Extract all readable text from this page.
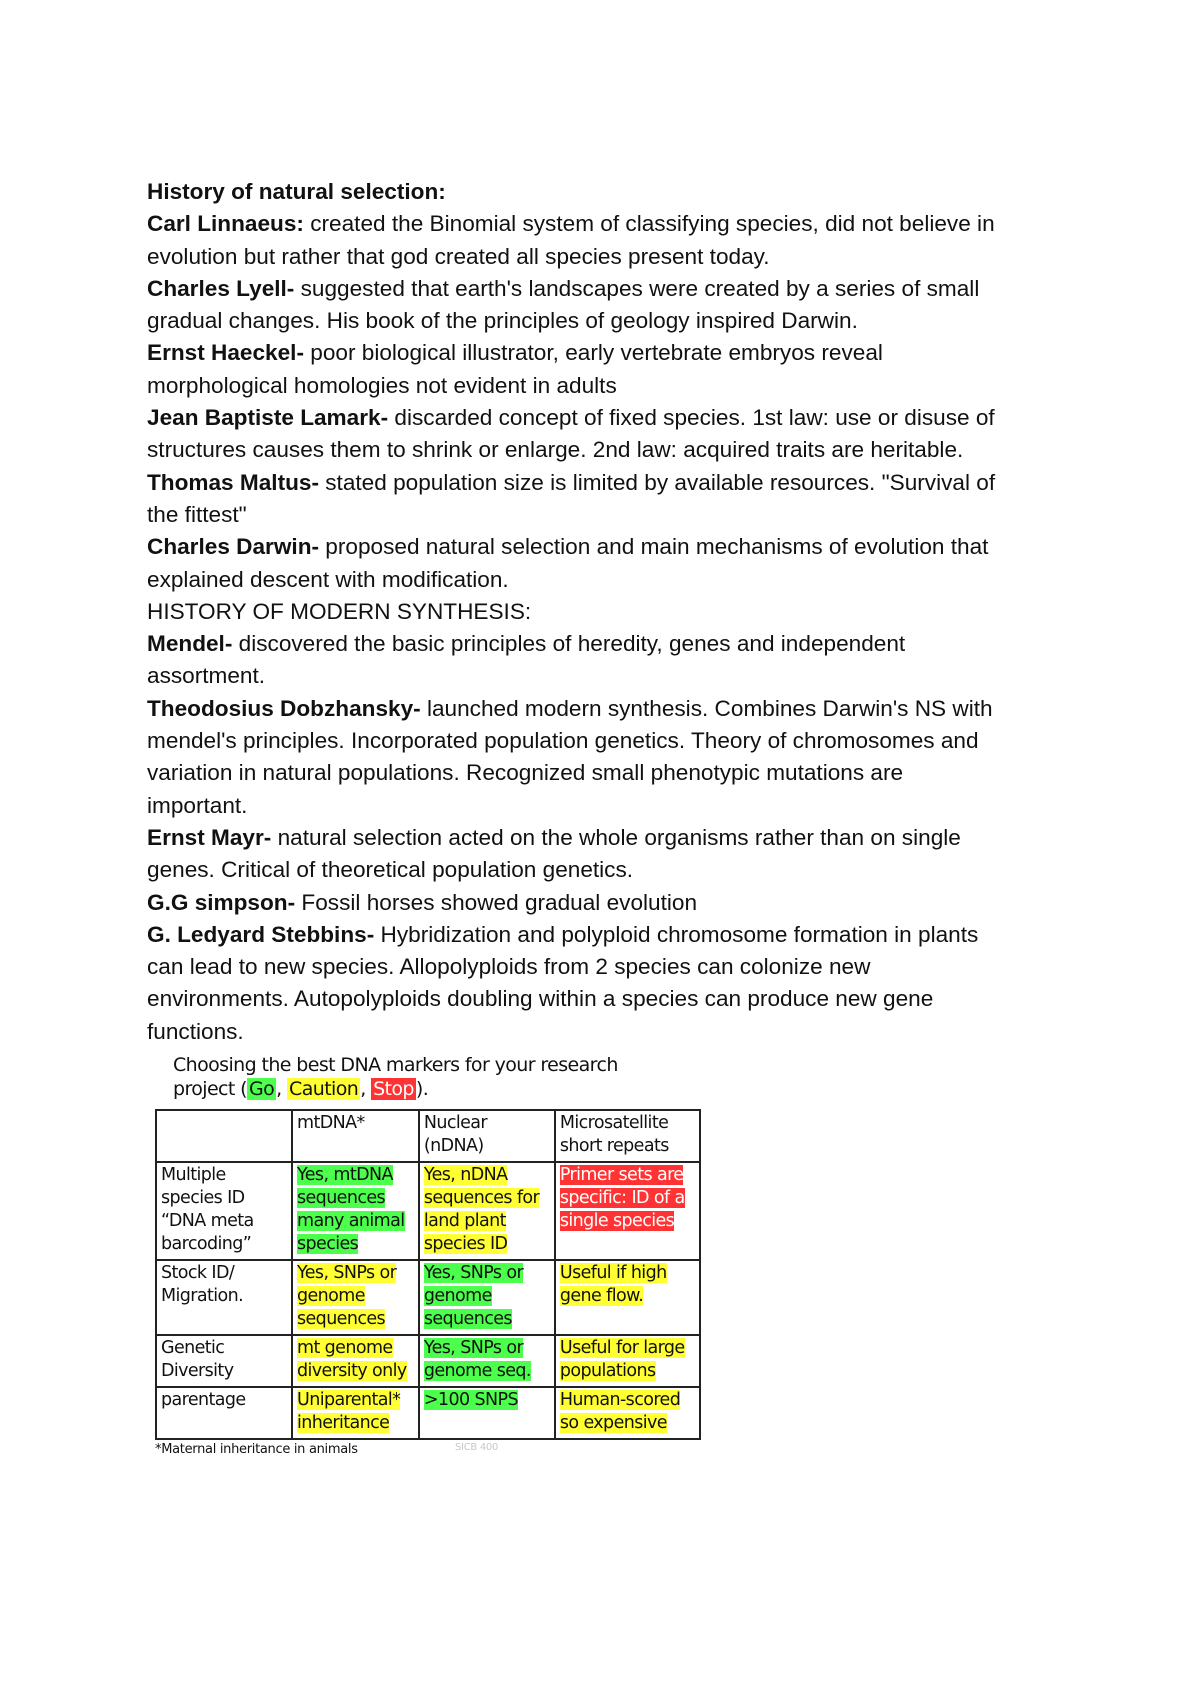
History of natural selection:
Carl Linnaeus: created the Binomial system of classifying species, did not believe in
evolution but rather that god created all species present today.
Charles Lyell- suggested that earth's landscapes were created by a series of small
gradual changes. His book of the principles of geology inspired Darwin.
Ernst Haeckel- poor biological illustrator, early vertebrate embryos reveal
morphological homologies not evident in adults
Jean Baptiste Lamark- discarded concept of fixed species. 1st law: use or disuse of
structures causes them to shrink or enlarge. 2nd law: acquired traits are heritable.
Thomas Maltus- stated population size is limited by available resources. "Survival of
the fittest"
Charles Darwin- proposed natural selection and main mechanisms of evolution that
explained descent with modification.
HISTORY OF MODERN SYNTHESIS:
Mendel- discovered the basic principles of heredity, genes and independent
assortment.
Theodosius Dobzhansky- launched modern synthesis. Combines Darwin's NS with
mendel's principles. Incorporated population genetics. Theory of chromosomes and
variation in natural populations. Recognized small phenotypic mutations are
important.
Ernst Mayr- natural selection acted on the whole organisms rather than on single
genes. Critical of theoretical population genetics.
G.G simpson- Fossil horses showed gradual evolution
G. Ledyard Stebbins- Hybridization and polyploid chromosome formation in plants
can lead to new species. Allopolyploids from 2 species can colonize new
environments. Autopolyploids doubling within a species can produce new gene
functions.
Choosing the best DNA markers for your research
project ( Go , Caution , Stop ).
	mtDNA*	Nuclear (nDNA)	Microsatellite short repeats
Multiple species ID “DNA meta barcoding”	Yes, mtDNA sequences many animal species	Yes, nDNA sequences for land plant species ID	Primer sets are specific: ID of a single species
Stock ID/ Migration.	Yes, SNPs or genome sequences	Yes, SNPs or genome sequences	Useful if high gene flow.
Genetic Diversity	mt genome diversity only	Yes, SNPs or genome seq.	Useful for large populations
parentage	Uniparental* inheritance	>100 SNPS	Human-scored so expensive
*Maternal inheritance in animals	SICB 400
